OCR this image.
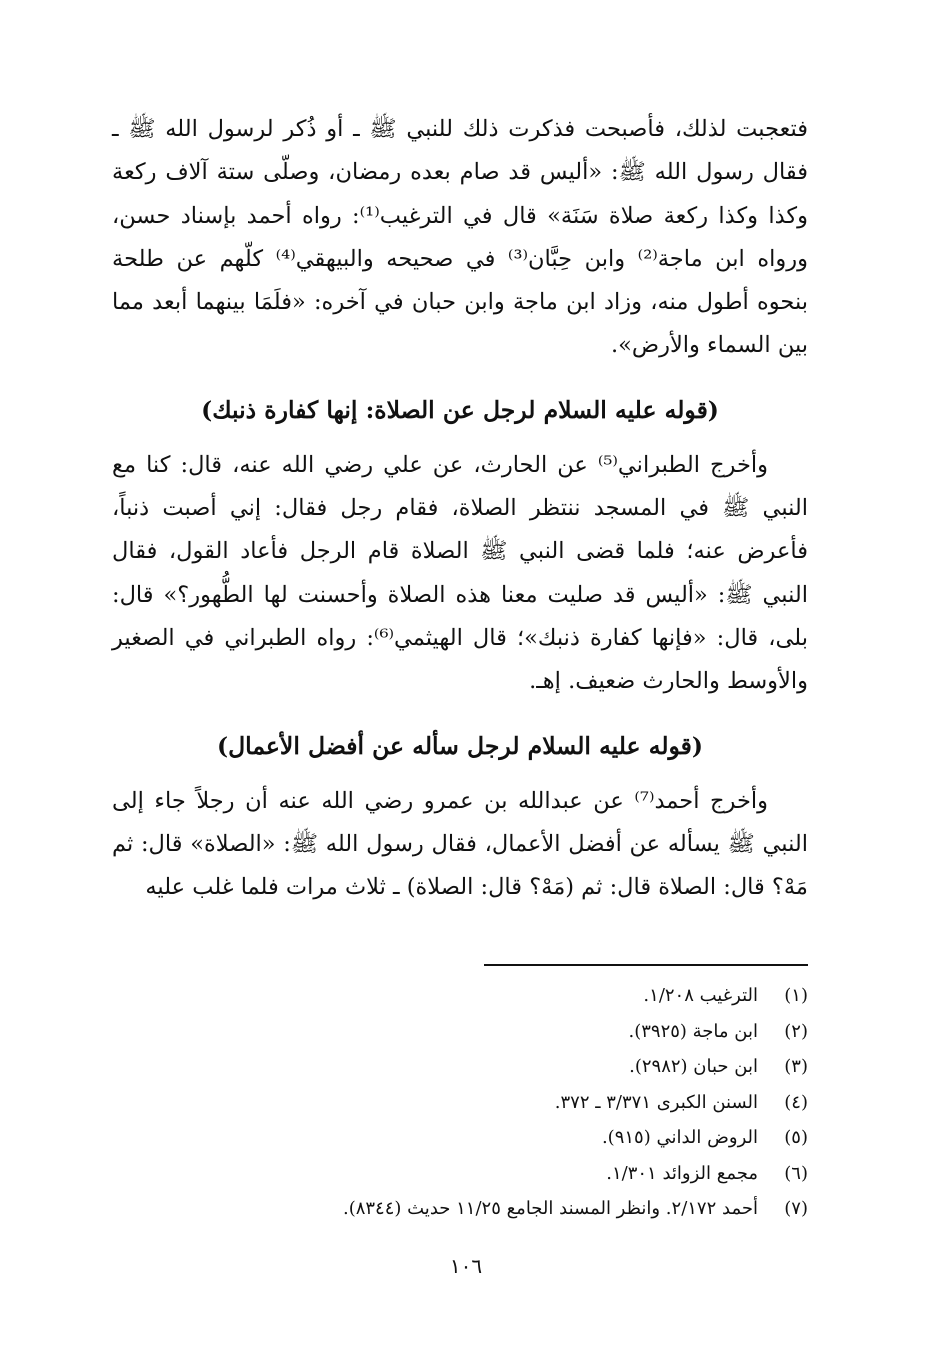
فتعجبت لذلك، فأصبحت فذكرت ذلك للنبي ﷺ ـ أو ذُكر لرسول الله ﷺ ـ فقال رسول الله ﷺ: «أليس قد صام بعده رمضان، وصلّى ستة آلاف ركعة وكذا وكذا ركعة صلاة سَنَة» قال في الترغيب⁽¹⁾: رواه أحمد بإسناد حسن، ورواه ابن ماجة⁽²⁾ وابن حِبَّان⁽³⁾ في صحيحه والبيهقي⁽⁴⁾ كلّهم عن طلحة بنحوه أطول منه، وزاد ابن ماجة وابن حبان في آخره: «فلَمَا بينهما أبعد مما بين السماء والأرض».

(قوله عليه السلام لرجل عن الصلاة: إنها كفارة ذنبك)

وأخرج الطبراني⁽⁵⁾ عن الحارث، عن علي رضي الله عنه، قال: كنا مع النبي ﷺ في المسجد ننتظر الصلاة، فقام رجل فقال: إني أصبت ذنباً، فأعرض عنه؛ فلما قضى النبي ﷺ الصلاة قام الرجل فأعاد القول، فقال النبي ﷺ: «أليس قد صليت معنا هذه الصلاة وأحسنت لها الطُّهور؟» قال: بلى، قال: «فإنها كفارة ذنبك»؛ قال الهيثمي⁽⁶⁾: رواه الطبراني في الصغير والأوسط والحارث ضعيف. إهـ.

(قوله عليه السلام لرجل سأله عن أفضل الأعمال)

وأخرج أحمد⁽⁷⁾ عن عبدالله بن عمرو رضي الله عنه أن رجلاً جاء إلى النبي ﷺ يسأله عن أفضل الأعمال، فقال رسول الله ﷺ: «الصلاة» قال: ثم مَهْ؟ قال: الصلاة قال: ثم (مَهْ؟ قال: الصلاة) ـ ثلاث مرات فلما غلب عليه

(١)
الترغيب ١/٢٠٨.
(٢)
ابن ماجة (٣٩٢٥).
(٣)
ابن حبان (٢٩٨٢).
(٤)
السنن الكبرى ٣/٣٧١ ـ ٣٧٢.
(٥)
الروض الداني (٩١٥).
(٦)
مجمع الزوائد ١/٣٠١.
(٧)
أحمد ٢/١٧٢. وانظر المسند الجامع ١١/٢٥ حديث (٨٣٤٤).
١٠٦
